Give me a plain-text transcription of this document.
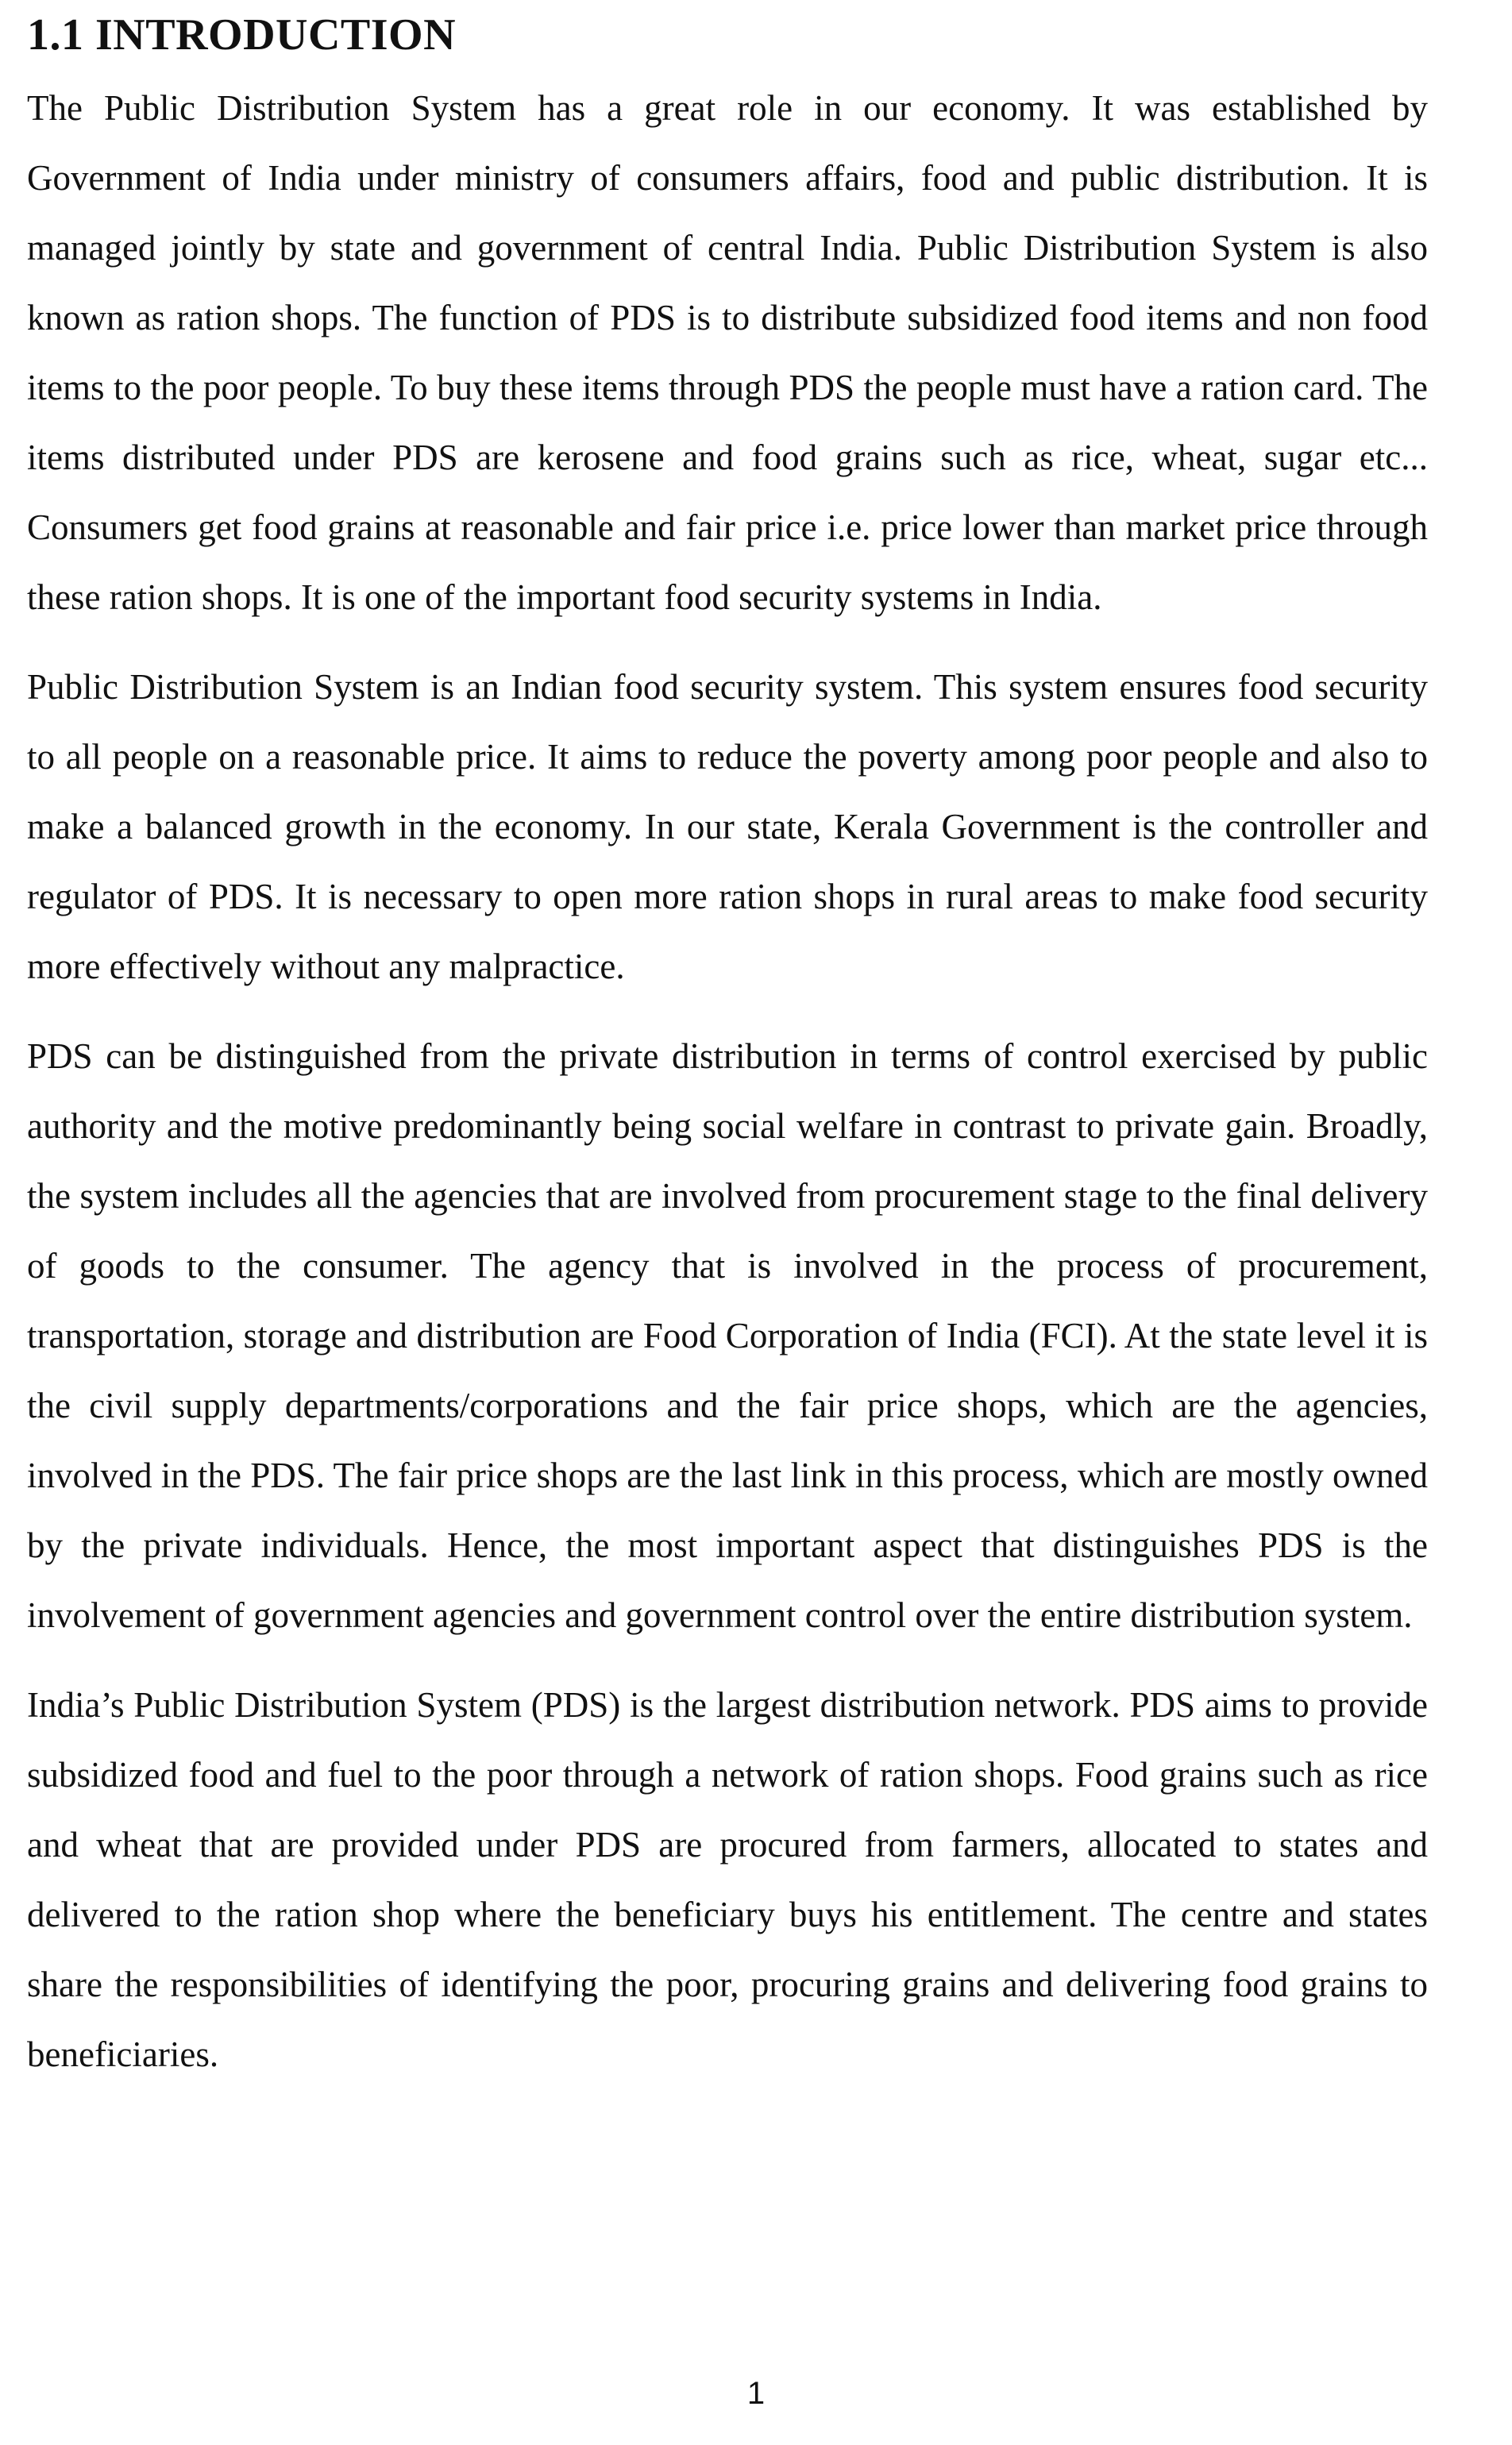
1.1 INTRODUCTION

The Public Distribution System has a great role in our economy. It was established by Government of India under ministry of consumers affairs, food and public distribution. It is managed jointly by state and government of central India. Public Distribution System is also known as ration shops. The function of PDS is to distribute subsidized food items and non food items to the poor people. To buy these items through PDS the people must have a ration card. The items distributed under PDS are kerosene and food grains such as rice, wheat, sugar etc... Consumers get food grains at reasonable and fair price i.e. price lower than market price through these ration shops. It is one of the important food security systems in India.

Public Distribution System is an Indian food security system. This system ensures food security to all people on a reasonable price. It aims to reduce the poverty among poor people and also to make a balanced growth in the economy. In our state, Kerala Government is the controller and regulator of PDS. It is necessary to open more ration shops in rural areas to make food security more effectively without any malpractice.

PDS can be distinguished from the private distribution in terms of control exercised by public authority and the motive predominantly being social welfare in contrast to private gain. Broadly, the system includes all the agencies that are involved from procurement stage to the final delivery of goods to the consumer. The agency that is involved in the process of procurement, transportation, storage and distribution are Food Corporation of India (FCI). At the state level it is the civil supply departments/corporations and the fair price shops, which are the agencies, involved in the PDS. The fair price shops are the last link in this process, which are mostly owned by the private individuals. Hence, the most important aspect that distinguishes PDS is the involvement of government agencies and government control over the entire distribution system.

India’s Public Distribution System (PDS) is the largest distribution network. PDS aims to provide subsidized food and fuel to the poor through a network of ration shops. Food grains such as rice and wheat that are provided under PDS are procured from farmers, allocated to states and delivered to the ration shop where the beneficiary buys his entitlement. The centre and states share the responsibilities of identifying the poor, procuring grains and delivering food grains to beneficiaries.

1
